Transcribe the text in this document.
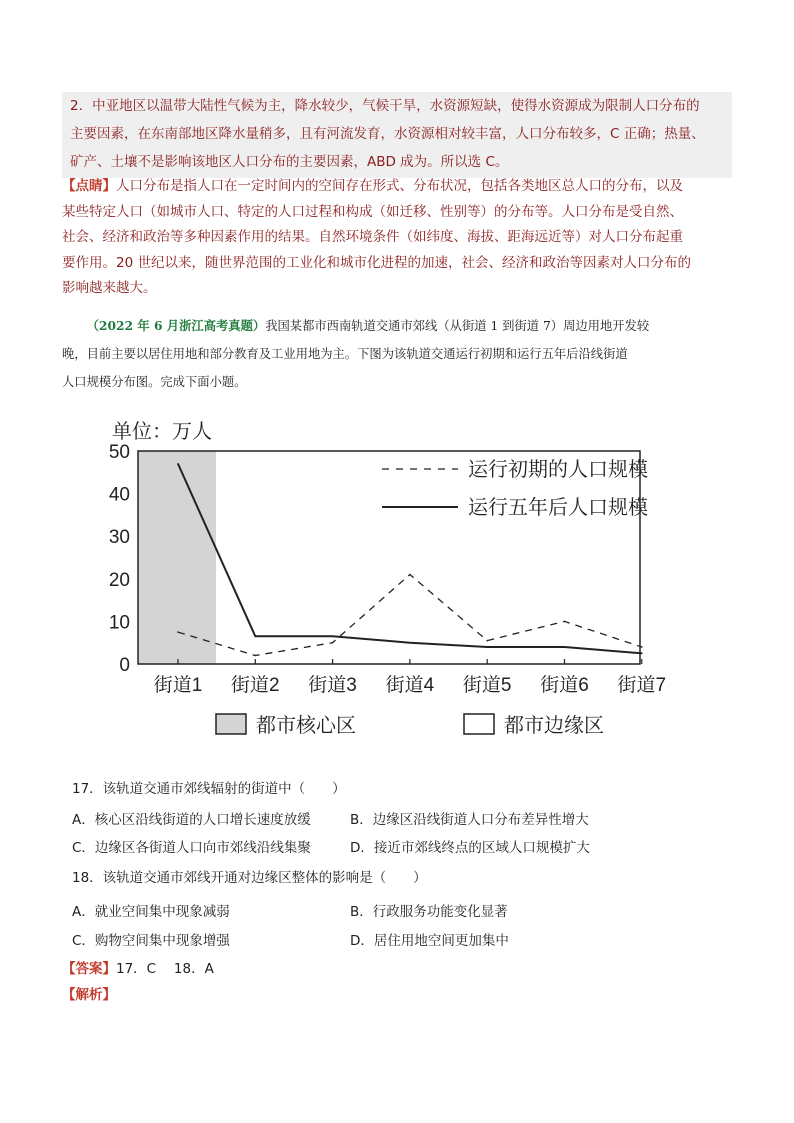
2．中亚地区以温带大陆性气候为主，降水较少，气候干旱，水资源短缺，使得水资源成为限制人口分布的
主要因素，在东南部地区降水量稍多，且有河流发育，水资源相对较丰富，人口分布较多，C 正确；热量、
矿产、土壤不是影响该地区人口分布的主要因素，ABD 成为。所以选 C。
【点睛】人口分布是指人口在一定时间内的空间存在形式、分布状况，包括各类地区总人口的分布，以及
某些特定人口（如城市人口、特定的人口过程和构成（如迁移、性别等）的分布等。人口分布是受自然、
社会、经济和政治等多种因素作用的结果。自然环境条件（如纬度、海拔、距海远近等）对人口分布起重
要作用。20 世纪以来，随世界范围的工业化和城市化进程的加速，社会、经济和政治等因素对人口分布的
影响越来越大。
（2022 年 6 月浙江高考真题）我国某都市西南轨道交通市郊线（从街道 1 到街道 7）周边用地开发较
晚，目前主要以居住用地和部分教育及工业用地为主。下图为该轨道交通运行初期和运行五年后沿线街道
人口规模分布图。完成下面小题。
单位：万人
0
10
20
30
40
50
街道1 街道2 街道3 街道4 街道5 街道6 街道7
运行初期的人口规模
运行五年后人口规模
都市核心区	都市边缘区
17．该轨道交通市郊线辐射的街道中（　　）
A．核心区沿线街道的人口增长速度放缓	B．边缘区沿线街道人口分布差异性增大
C．边缘区各街道人口向市郊线沿线集聚	D．接近市郊线终点的区域人口规模扩大
18．该轨道交通市郊线开通对边缘区整体的影响是（　　）
A．就业空间集中现象减弱	B．行政服务功能变化显著
C．购物空间集中现象增强	D．居住用地空间更加集中
【答案】17．C　 18．A
【解析】
